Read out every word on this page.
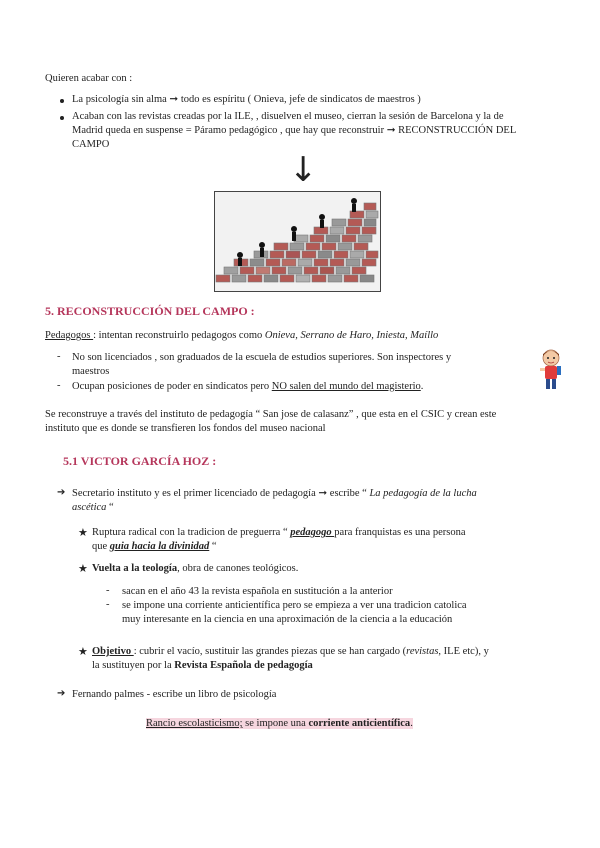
Quieren acabar con :
La psicología sin alma ➞ todo es espíritu ( Onieva, jefe de sindicatos de maestros )
Acaban con las revistas creadas por la ILE, , disuelven el museo, cierran la sesión de Barcelona y la de
Madrid queda en suspense = Páramo pedagógico , que hay que reconstruir ➞ RECONSTRUCCIÓN DEL
CAMPO
↓
5. RECONSTRUCCIÓN DEL CAMPO :
Pedagogos : intentan reconstruirlo pedagogos como Onieva, Serrano de Haro, Iniesta, Maíllo
- No son licenciados , son graduados de la escuela de estudios superiores. Son inspectores y
maestros
- Ocupan posiciones de poder en sindicatos pero NO salen del mundo del magisterio.
Se reconstruye a través del instituto de pedagogía “ San jose de calasanz” , que esta en el CSIC y crean este
instituto que es donde se transfieren los fondos del museo nacional
5.1 VICTOR GARCÍA HOZ :
➔ Secretario instituto y es el primer licenciado de pedagogía ➞ escribe “ La pedagogía de la lucha
ascética “
★ Ruptura radical con la tradicion de preguerra “ pedagogo para franquistas es una persona
que guia hacia la divinidad “
★ Vuelta a la teología, obra de canones teológicos.
- sacan en el año 43 la revista española en sustitución a la anterior
- se impone una corriente anticientífica pero se empieza a ver una tradicion catolica
muy interesante en la ciencia en una aproximación de la ciencia a la educación
★ Objetivo : cubrir el vacío, sustituir las grandes piezas que se han cargado (revistas, ILE etc), y
la sustituyen por la Revista Española de pedagogía
➔ Fernando palmes - escribe un libro de psicología
Rancio escolasticismo; se impone una corriente anticientífica.
